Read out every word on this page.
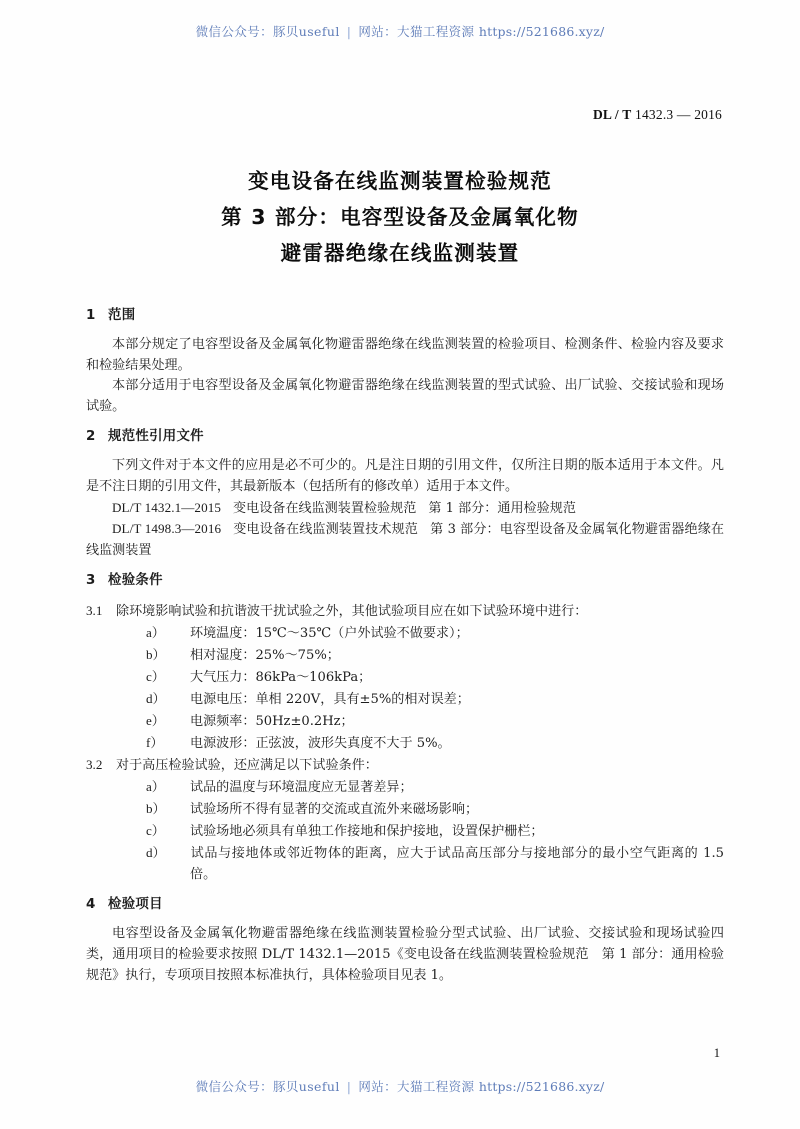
微信公众号：豚贝useful | 网站：大猫工程资源 https://521686.xyz/
DL / T 1432.3 — 2016
变电设备在线监测装置检验规范
第 3 部分：电容型设备及金属氧化物
避雷器绝缘在线监测装置
1 范围

本部分规定了电容型设备及金属氧化物避雷器绝缘在线监测装置的检验项目、检测条件、检验内容及要求和检验结果处理。

本部分适用于电容型设备及金属氧化物避雷器绝缘在线监测装置的型式试验、出厂试验、交接试验和现场试验。

2 规范性引用文件

下列文件对于本文件的应用是必不可少的。凡是注日期的引用文件，仅所注日期的版本适用于本文件。凡是不注日期的引用文件，其最新版本（包括所有的修改单）适用于本文件。

DL/T 1432.1—2015 变电设备在线监测装置检验规范 第 1 部分：通用检验规范

DL/T 1498.3—2016 变电设备在线监测装置技术规范 第 3 部分：电容型设备及金属氧化物避雷器绝缘在线监测装置

3 检验条件

3.1 除环境影响试验和抗谐波干扰试验之外，其他试验项目应在如下试验环境中进行：

a） 环境温度：15℃～35℃（户外试验不做要求）；
b） 相对湿度：25%～75%；
c） 大气压力：86kPa～106kPa；
d） 电源电压：单相 220V，具有±5%的相对误差；
e） 电源频率：50Hz±0.2Hz；
f） 电源波形：正弦波，波形失真度不大于 5%。

3.2 对于高压检验试验，还应满足以下试验条件：

a） 试品的温度与环境温度应无显著差异；
b） 试验场所不得有显著的交流或直流外来磁场影响；
c） 试验场地必须具有单独工作接地和保护接地，设置保护栅栏；
d） 试品与接地体或邻近物体的距离，应大于试品高压部分与接地部分的最小空气距离的 1.5 倍。
4 检验项目

电容型设备及金属氧化物避雷器绝缘在线监测装置检验分型式试验、出厂试验、交接试验和现场试验四类，通用项目的检验要求按照 DL/T 1432.1—2015《变电设备在线监测装置检验规范　第 1 部分：通用检验规范》执行，专项项目按照本标准执行，具体检验项目见表 1。

1
微信公众号：豚贝useful | 网站：大猫工程资源 https://521686.xyz/
